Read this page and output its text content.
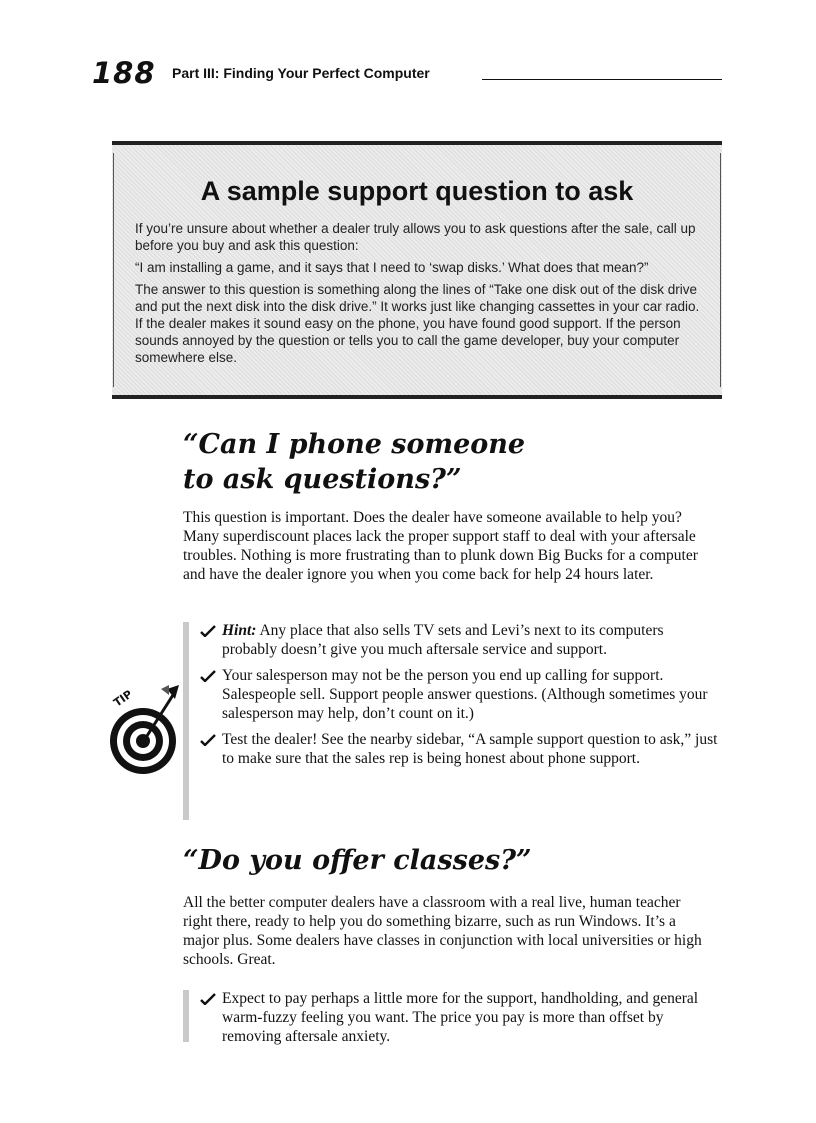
188 Part III: Finding Your Perfect Computer
A sample support question to ask

If you’re unsure about whether a dealer truly allows you to ask questions after the sale, call up before you buy and ask this question:

“I am installing a game, and it says that I need to ‘swap disks.’ What does that mean?”

The answer to this question is something along the lines of “Take one disk out of the disk drive and put the next disk into the disk drive.” It works just like changing cassettes in your car radio. If the dealer makes it sound easy on the phone, you have found good support. If the person sounds annoyed by the question or tells you to call the game developer, buy your computer somewhere else.

“Can I phone someone
to ask questions?”

This question is important. Does the dealer have someone available to help you? Many superdiscount places lack the proper support staff to deal with your aftersale troubles. Nothing is more frustrating than to plunk down Big Bucks for a computer and have the dealer ignore you when you come back for help 24 hours later.

TIP
Hint: Any place that also sells TV sets and Levi’s next to its computers probably doesn’t give you much aftersale service and support.
Your salesperson may not be the person you end up calling for support. Salespeople sell. Support people answer questions. (Although sometimes your salesperson may help, don’t count on it.)
Test the dealer! See the nearby sidebar, “A sample support question to ask,” just to make sure that the sales rep is being honest about phone support.
“Do you offer classes?”

All the better computer dealers have a classroom with a real live, human teacher right there, ready to help you do something bizarre, such as run Windows. It’s a major plus. Some dealers have classes in conjunction with local universities or high schools. Great.

Expect to pay perhaps a little more for the support, handholding, and general warm-fuzzy feeling you want. The price you pay is more than offset by removing aftersale anxiety.
